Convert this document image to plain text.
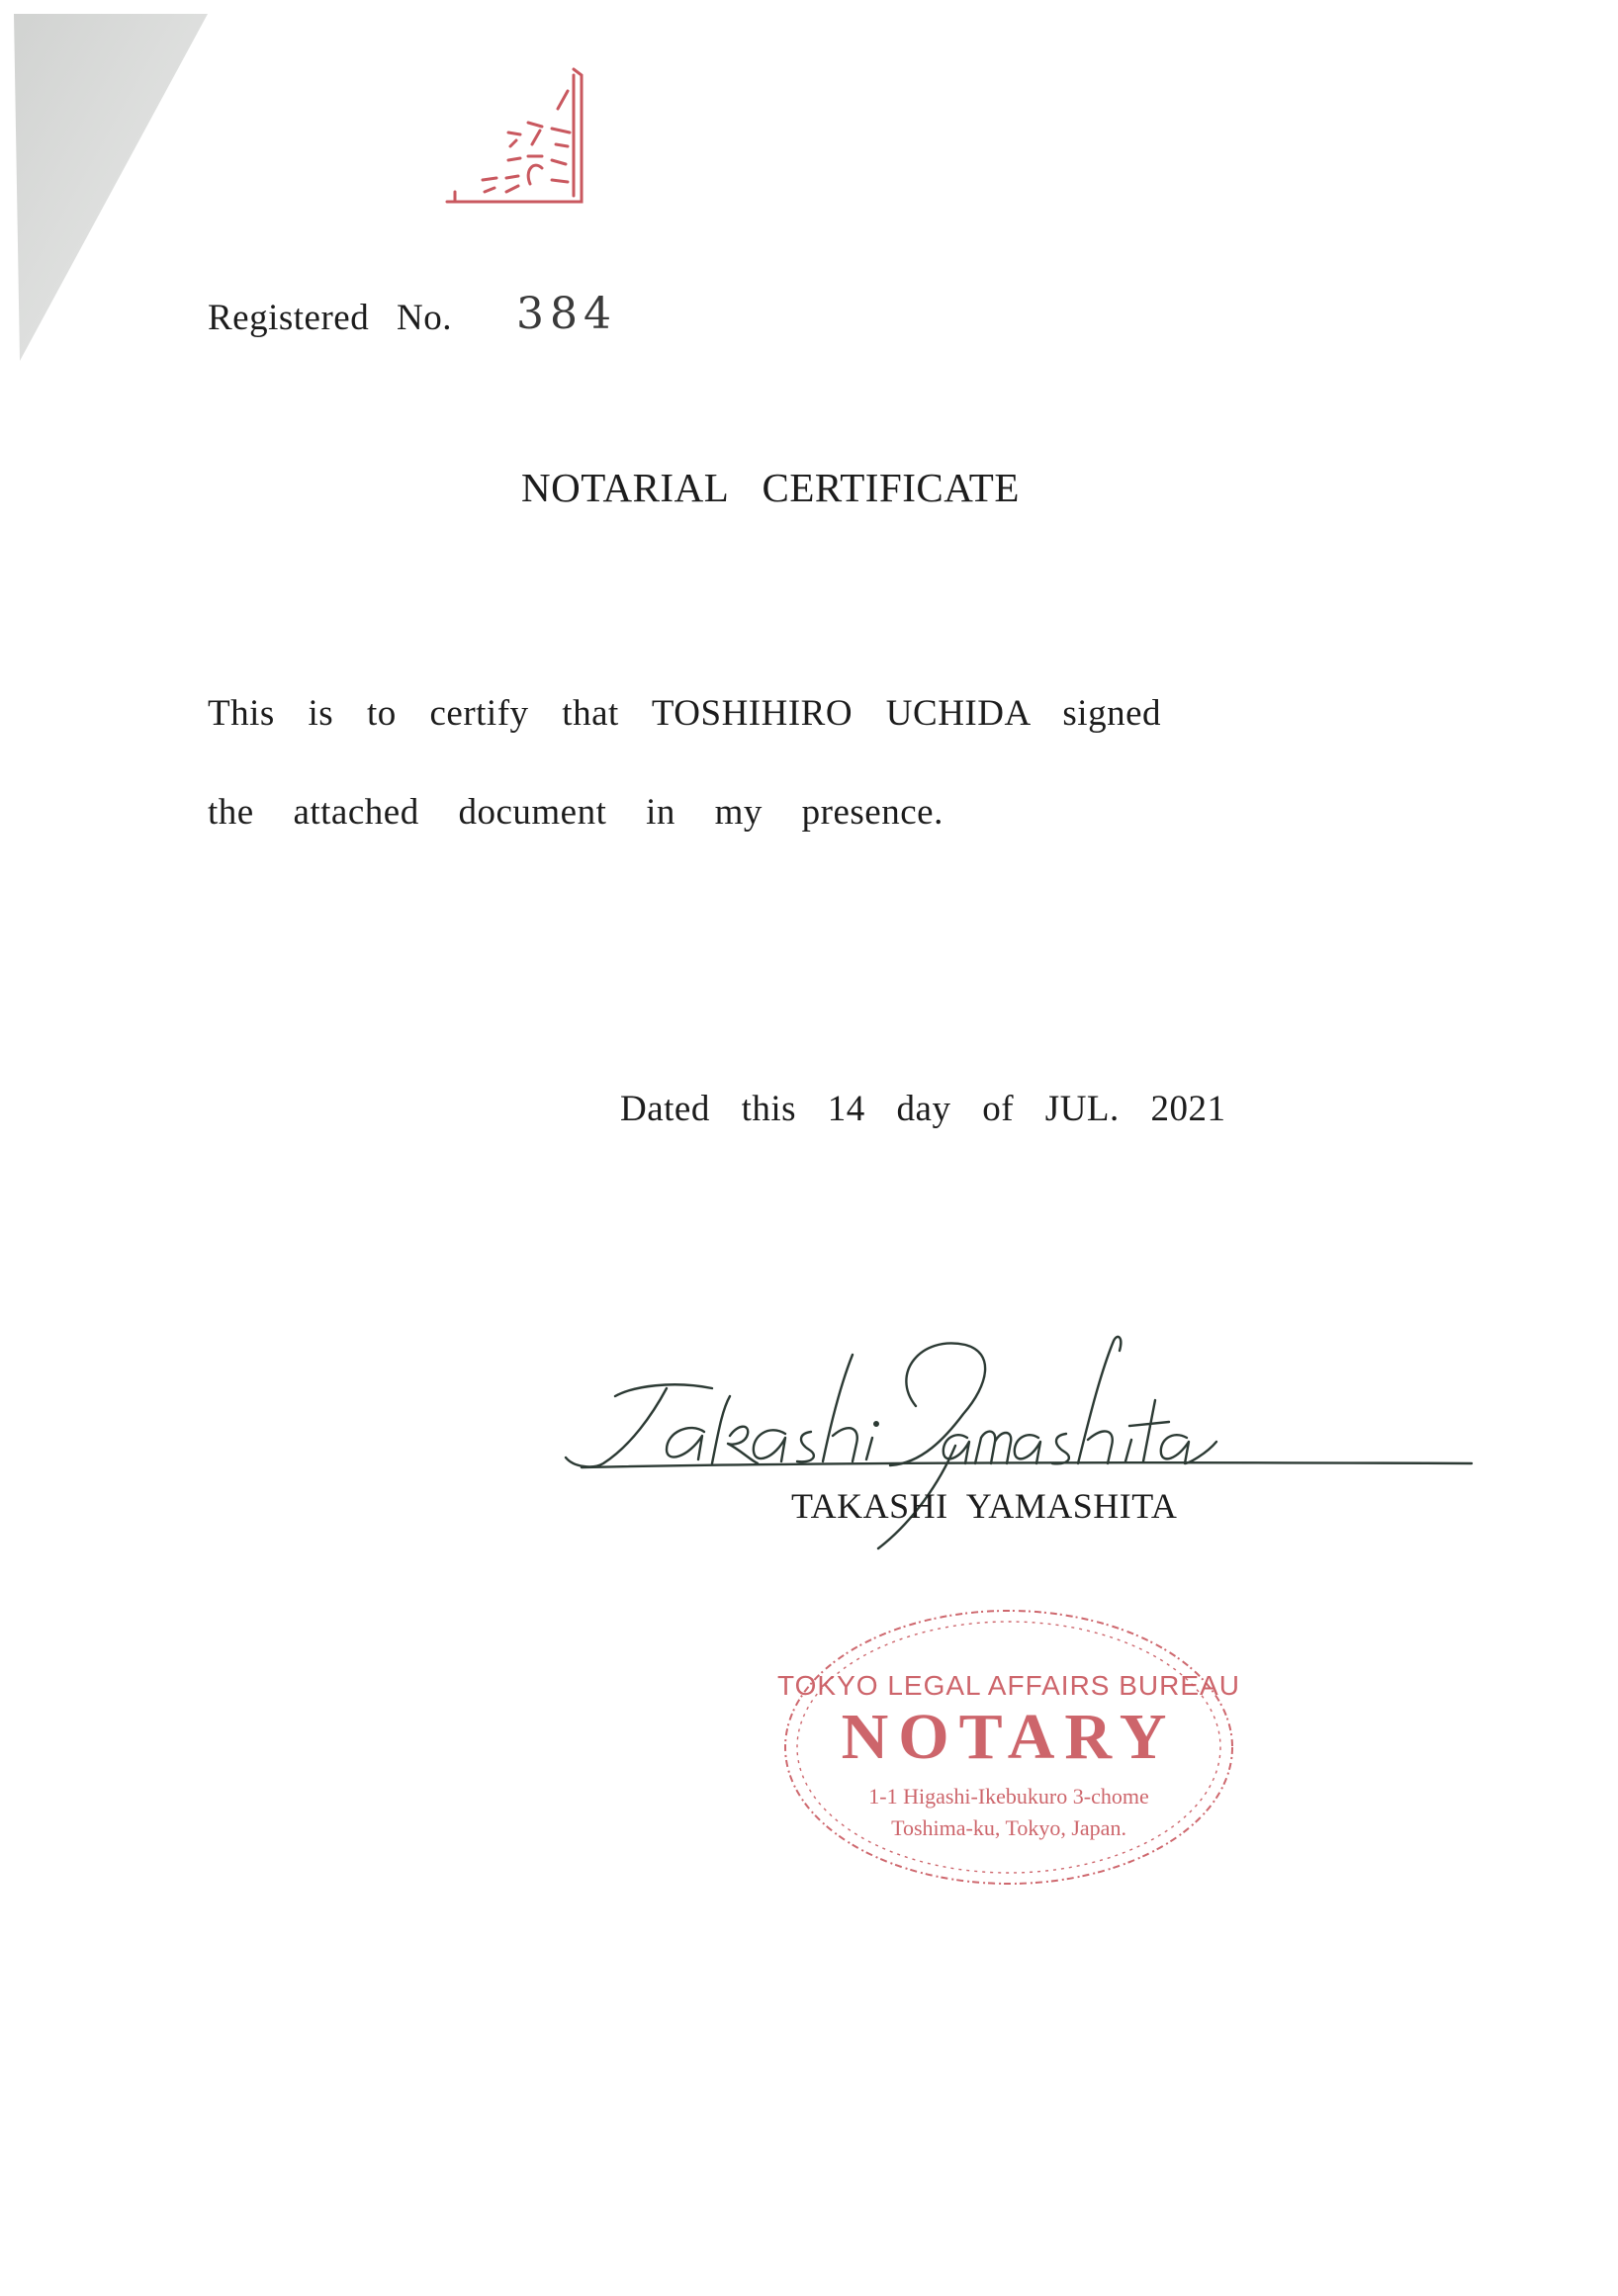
Registered No. 384
NOTARIAL CERTIFICATE
This is to certify that TOSHIHIRO UCHIDA signed
the attached document in my presence.
Dated this 14 day of JUL. 2021
TAKASHI YAMASHITA
TOKYO LEGAL AFFAIRS BUREAU
NOTARY
1-1 Higashi-Ikebukuro 3-chome
Toshima-ku, Tokyo, Japan.
